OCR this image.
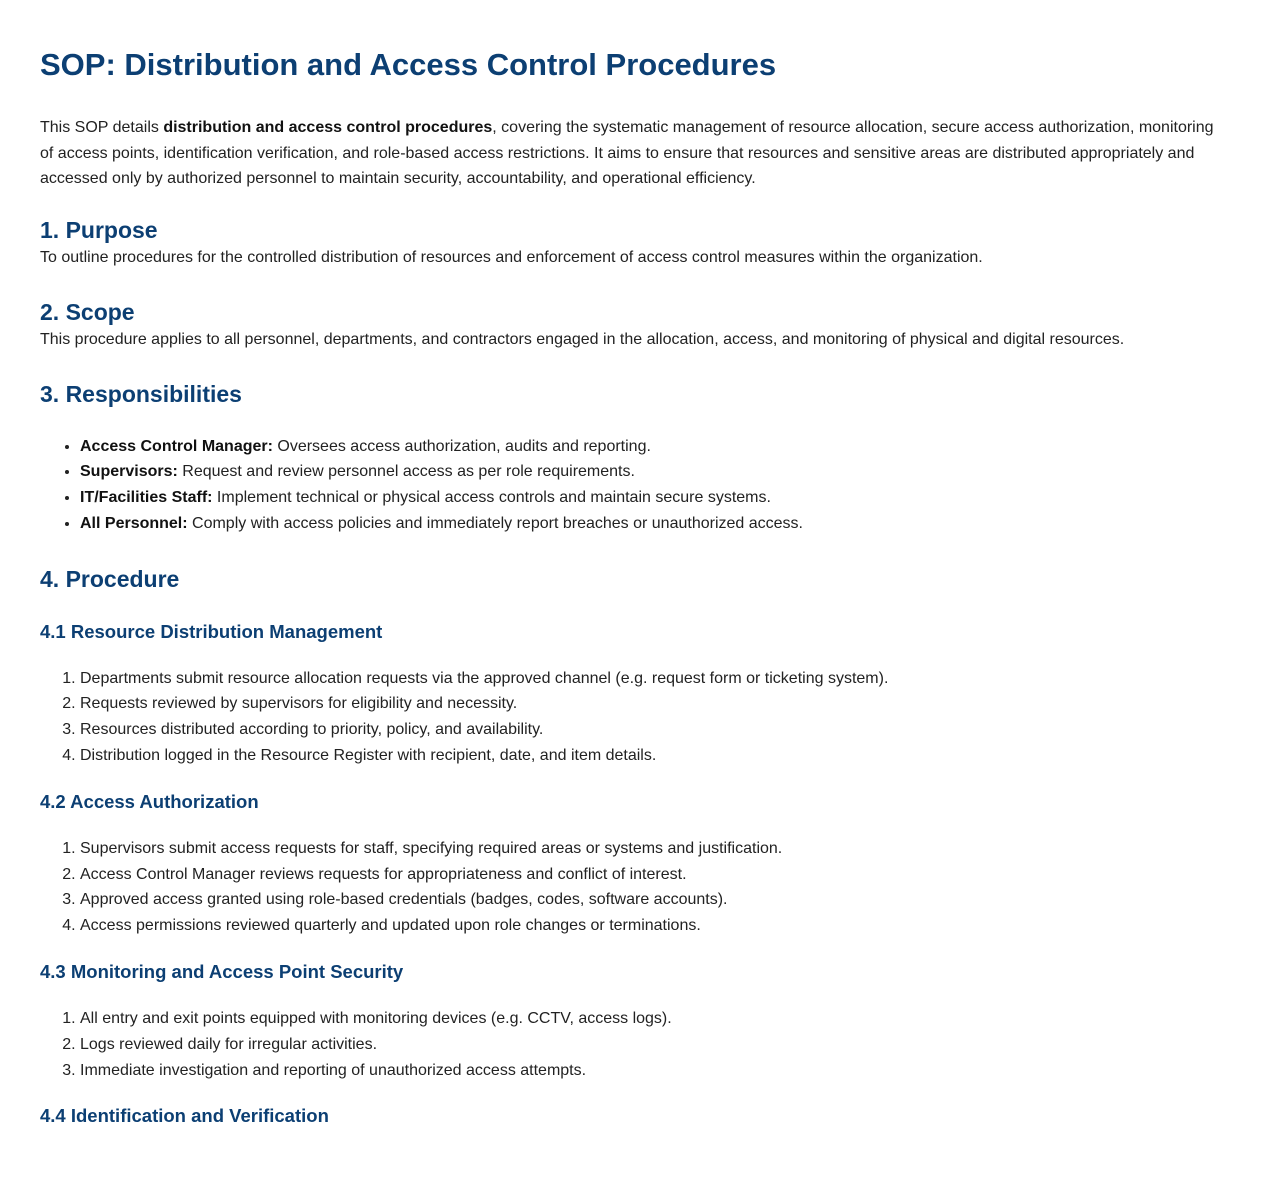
SOP: Distribution and Access Control Procedures

This SOP details distribution and access control procedures, covering the systematic management of resource allocation, secure access authorization, monitoring of access points, identification verification, and role-based access restrictions. It aims to ensure that resources and sensitive areas are distributed appropriately and accessed only by authorized personnel to maintain security, accountability, and operational efficiency.

1. Purpose

To outline procedures for the controlled distribution of resources and enforcement of access control measures within the organization.

2. Scope

This procedure applies to all personnel, departments, and contractors engaged in the allocation, access, and monitoring of physical and digital resources.

3. Responsibilities
• Access Control Manager: Oversees access authorization, audits and reporting.
• Supervisors: Request and review personnel access as per role requirements.
• IT/Facilities Staff: Implement technical or physical access controls and maintain secure systems.
• All Personnel: Comply with access policies and immediately report breaches or unauthorized access.
4. Procedure
4.1 Resource Distribution Management
1. Departments submit resource allocation requests via the approved channel (e.g. request form or ticketing system).
2. Requests reviewed by supervisors for eligibility and necessity.
3. Resources distributed according to priority, policy, and availability.
4. Distribution logged in the Resource Register with recipient, date, and item details.
4.2 Access Authorization
1. Supervisors submit access requests for staff, specifying required areas or systems and justification.
2. Access Control Manager reviews requests for appropriateness and conflict of interest.
3. Approved access granted using role-based credentials (badges, codes, software accounts).
4. Access permissions reviewed quarterly and updated upon role changes or terminations.
4.3 Monitoring and Access Point Security
1. All entry and exit points equipped with monitoring devices (e.g. CCTV, access logs).
2. Logs reviewed daily for irregular activities.
3. Immediate investigation and reporting of unauthorized access attempts.
4.4 Identification and Verification
